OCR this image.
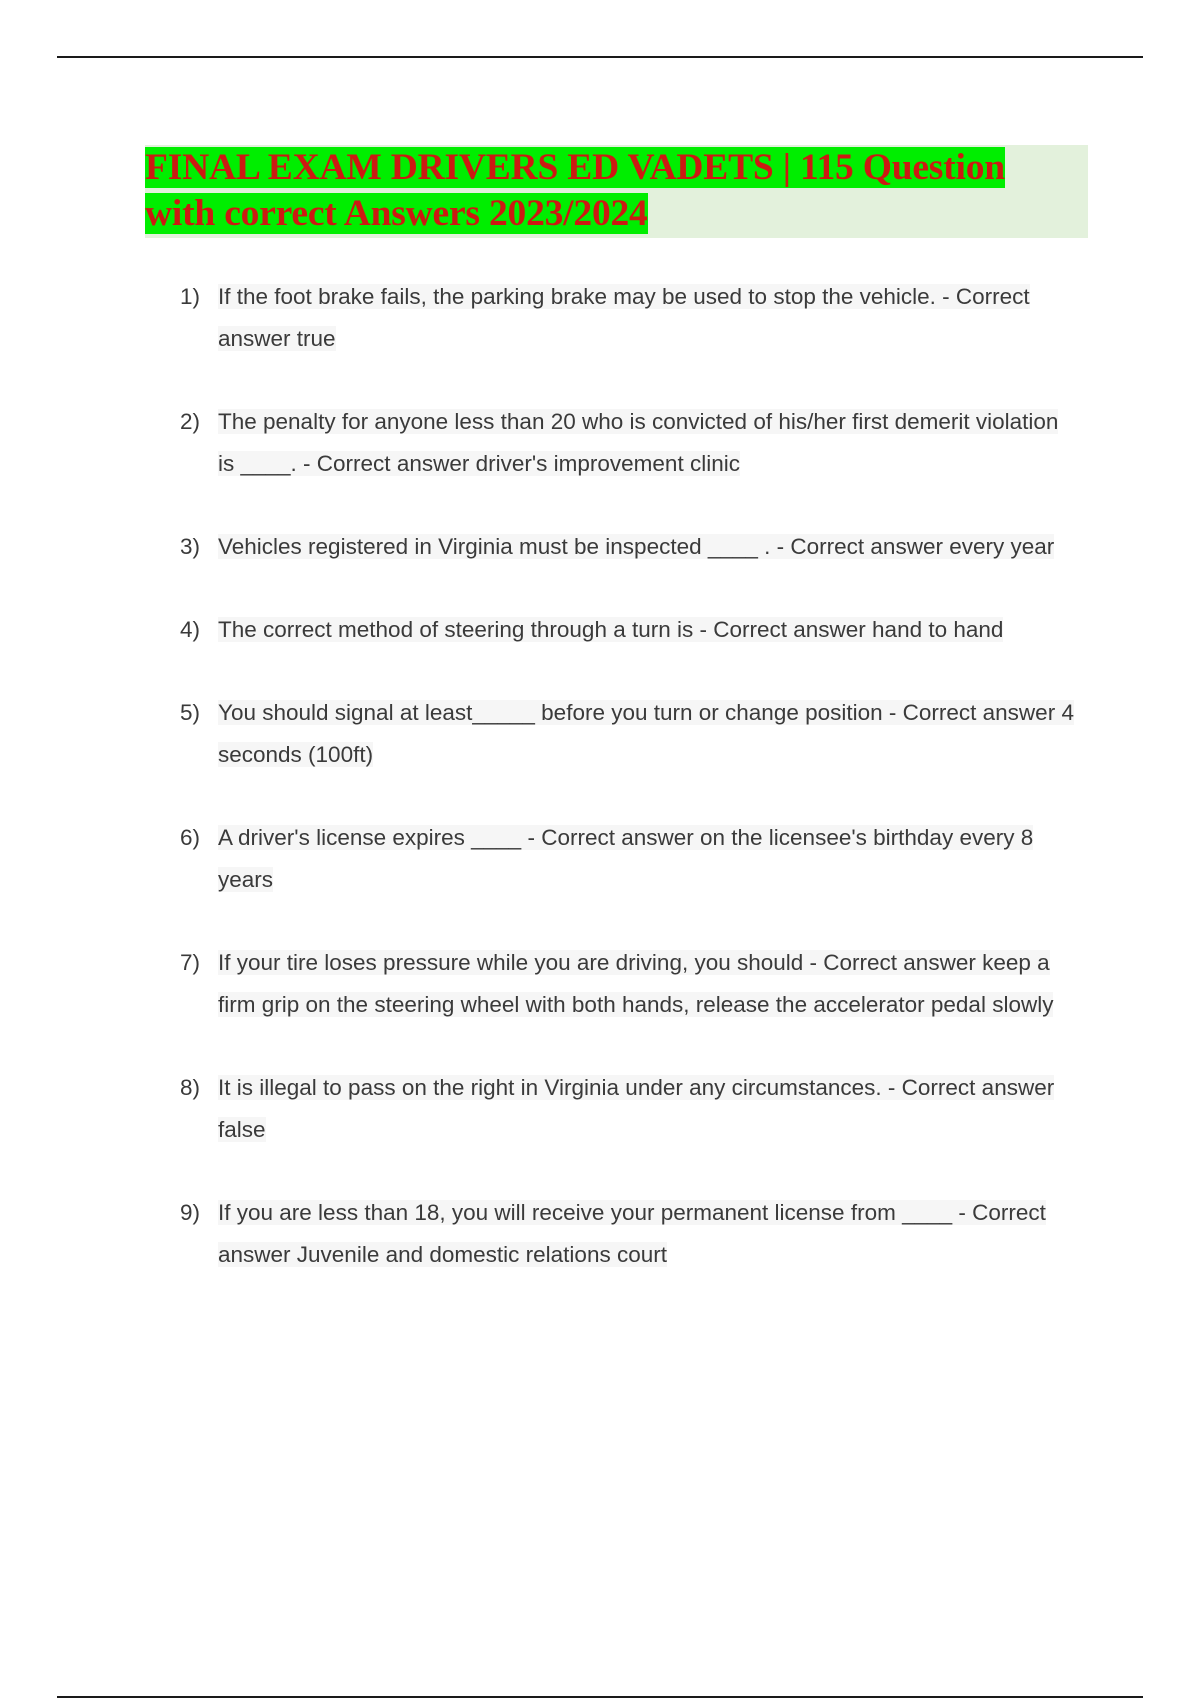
FINAL EXAM DRIVERS ED VADETS | 115 Question
with correct Answers 2023/2024
1) If the foot brake fails, the parking brake may be used to stop the vehicle. - Correct answer true
2) The penalty for anyone less than 20 who is convicted of his/her first demerit violation is ____. - Correct answer driver's improvement clinic
3) Vehicles registered in Virginia must be inspected ____ . - Correct answer every year
4) The correct method of steering through a turn is - Correct answer hand to hand
5) You should signal at least_____ before you turn or change position - Correct answer 4 seconds (100ft)
6) A driver's license expires ____ - Correct answer on the licensee's birthday every 8 years
7) If your tire loses pressure while you are driving, you should - Correct answer keep a firm grip on the steering wheel with both hands, release the accelerator pedal slowly
8) It is illegal to pass on the right in Virginia under any circumstances. - Correct answer false
9) If you are less than 18, you will receive your permanent license from ____ - Correct answer Juvenile and domestic relations court
